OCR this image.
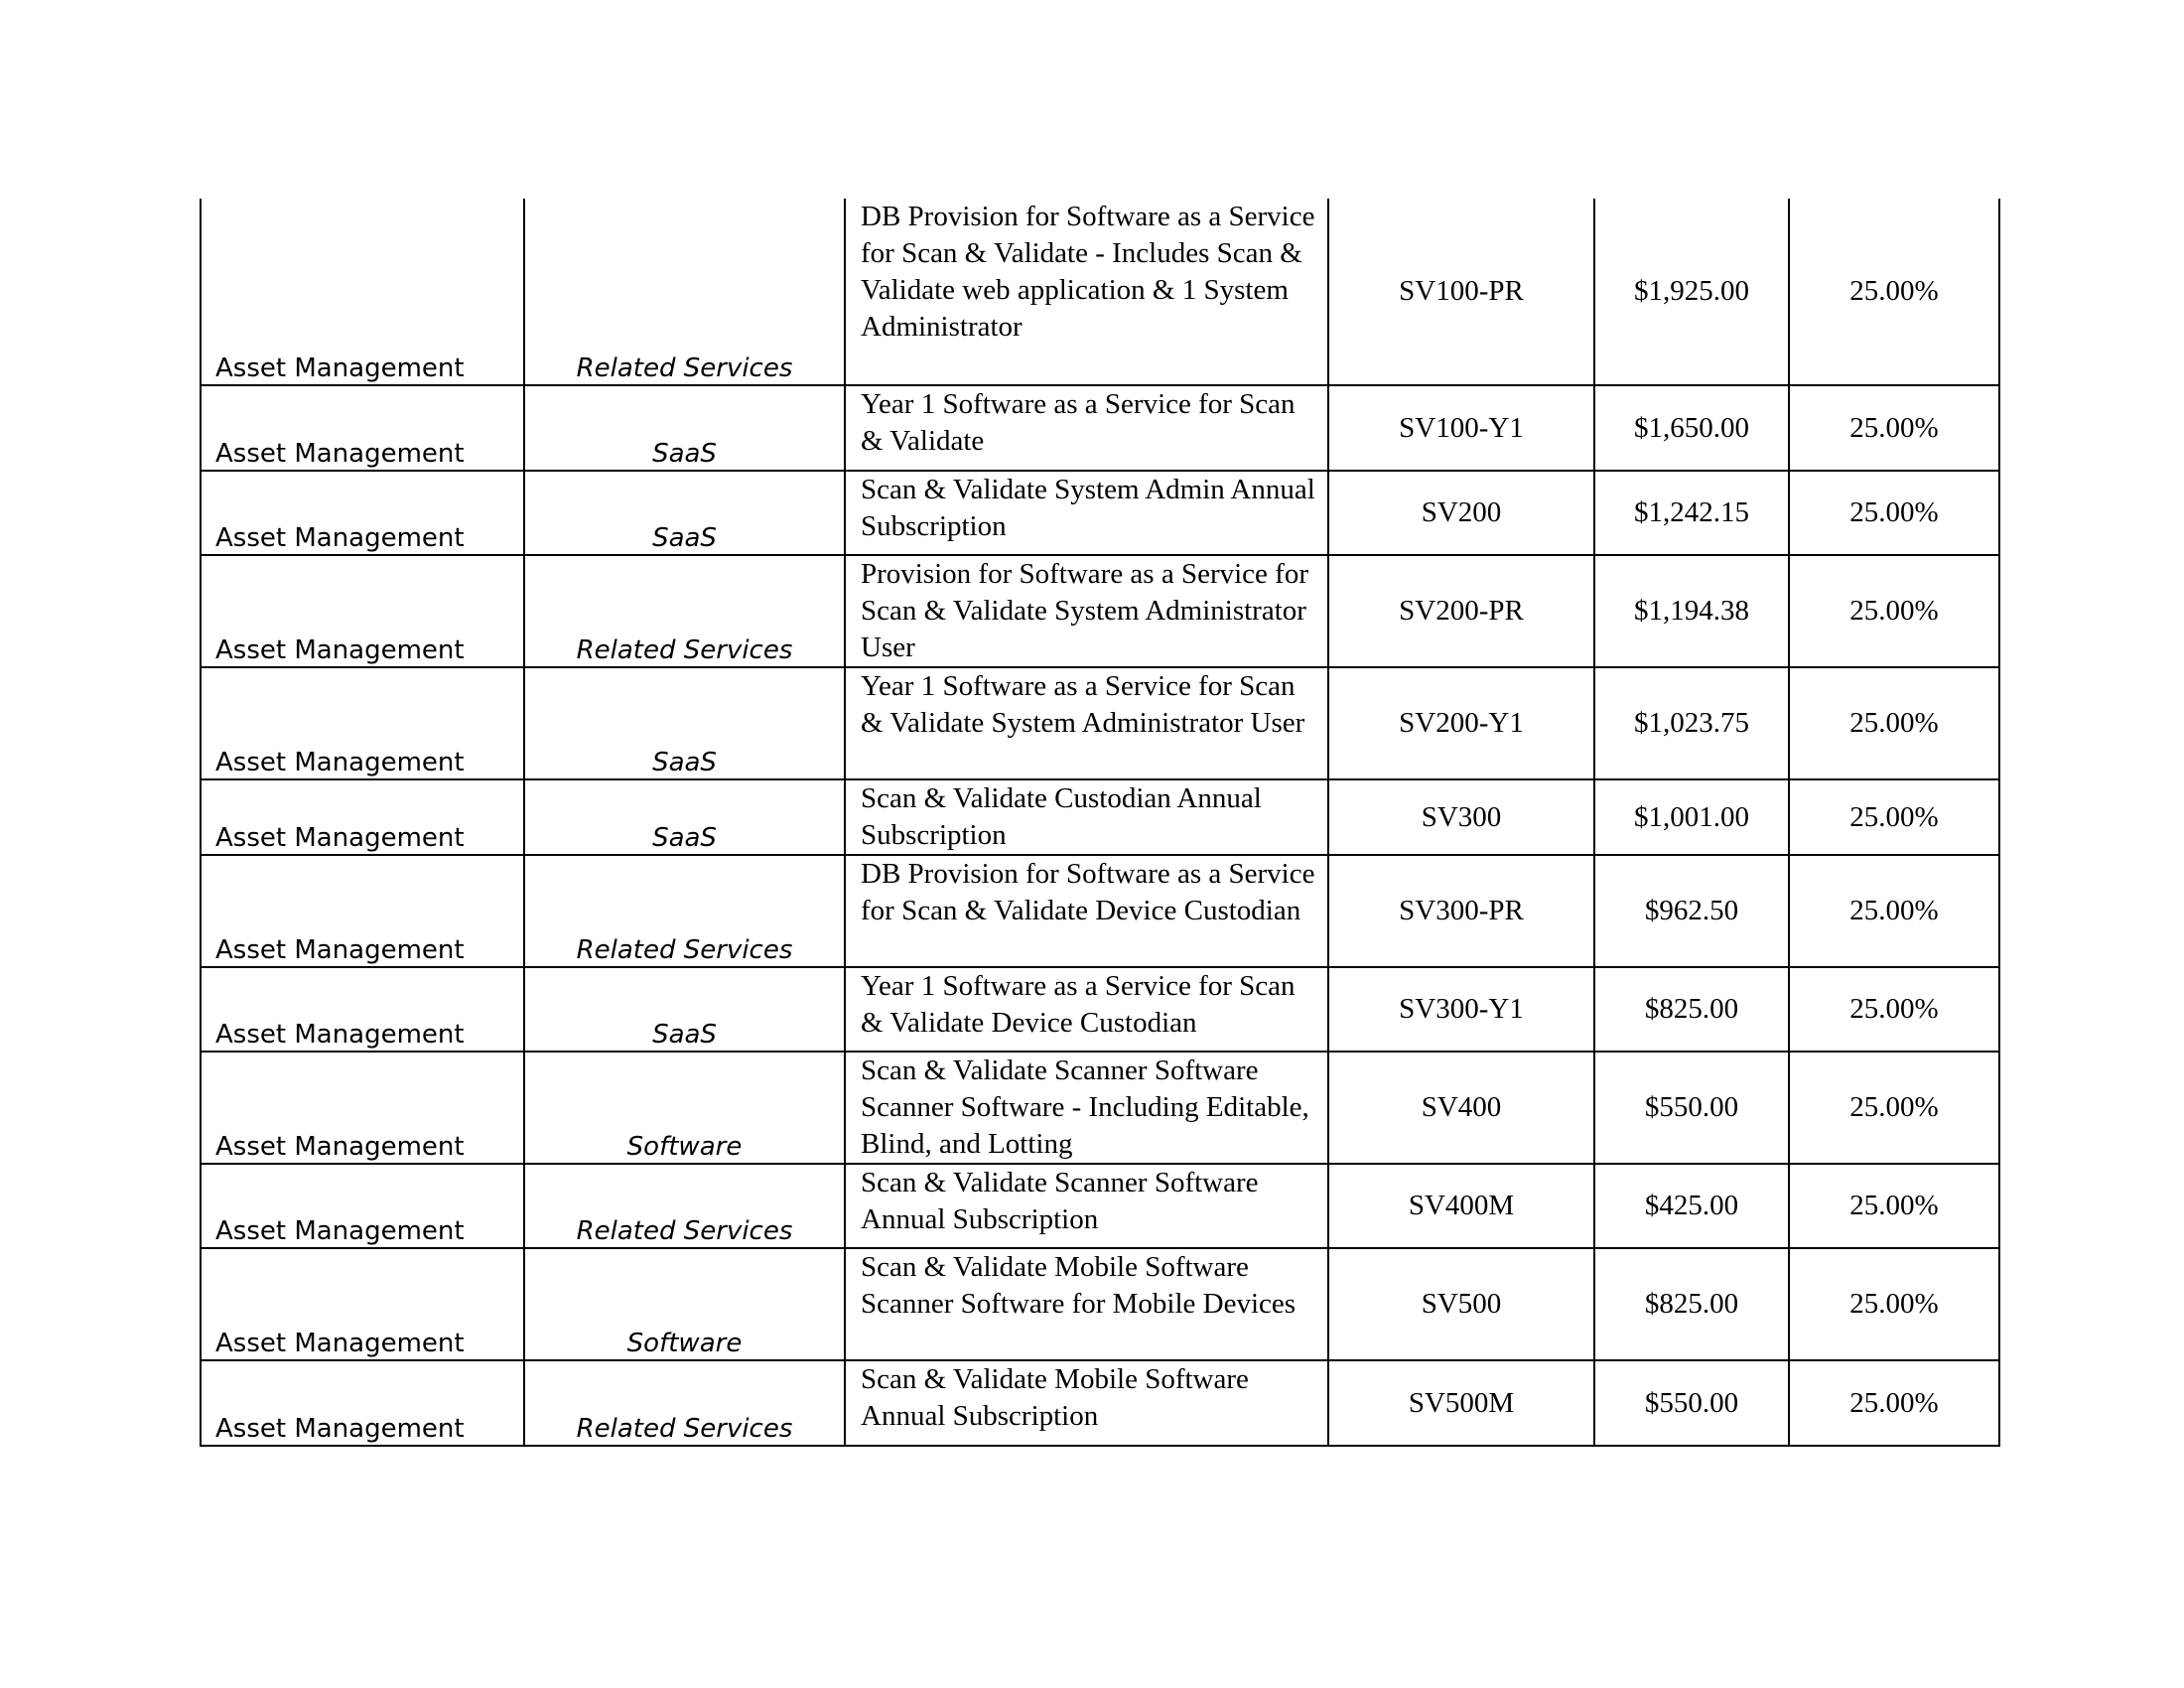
Asset Management	Related Services	DB Provision for Software as a Service for Scan & Validate - Includes Scan & Validate web application & 1 System Administrator	SV100-PR	$1,925.00	25.00%
Asset Management	SaaS	Year 1 Software as a Service for Scan & Validate	SV100-Y1	$1,650.00	25.00%
Asset Management	SaaS	Scan & Validate System Admin Annual Subscription	SV200	$1,242.15	25.00%
Asset Management	Related Services	Provision for Software as a Service for Scan & Validate System Administrator User	SV200-PR	$1,194.38	25.00%
Asset Management	SaaS	Year 1 Software as a Service for Scan & Validate System Administrator User	SV200-Y1	$1,023.75	25.00%
Asset Management	SaaS	Scan & Validate Custodian Annual Subscription	SV300	$1,001.00	25.00%
Asset Management	Related Services	DB Provision for Software as a Service for Scan & Validate Device Custodian	SV300-PR	$962.50	25.00%
Asset Management	SaaS	Year 1 Software as a Service for Scan & Validate Device Custodian	SV300-Y1	$825.00	25.00%
Asset Management	Software	Scan & Validate Scanner Software Scanner Software - Including Editable, Blind, and Lotting	SV400	$550.00	25.00%
Asset Management	Related Services	Scan & Validate Scanner Software Annual Subscription	SV400M	$425.00	25.00%
Asset Management	Software	Scan & Validate Mobile Software Scanner Software for Mobile Devices	SV500	$825.00	25.00%
Asset Management	Related Services	Scan & Validate Mobile Software Annual Subscription	SV500M	$550.00	25.00%
